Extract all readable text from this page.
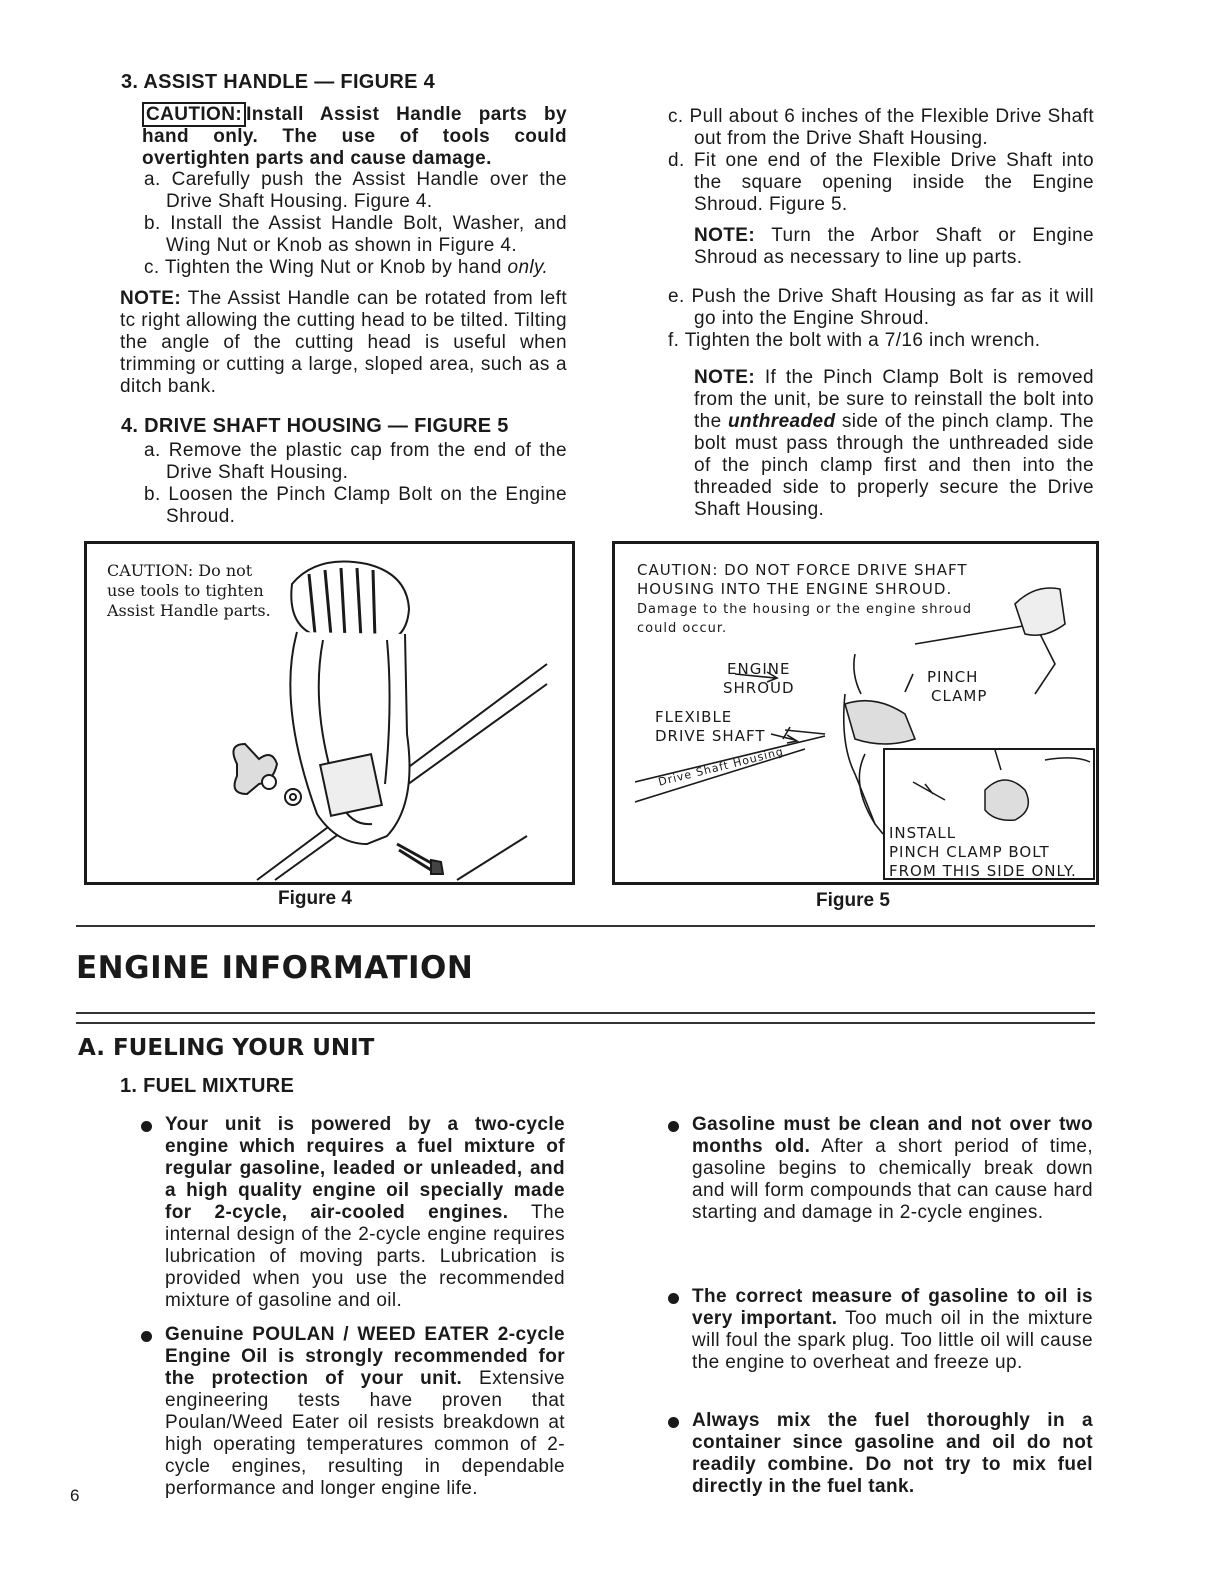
3. ASSIST HANDLE — FIGURE 4
CAUTION: Install Assist Handle parts by hand only. The use of tools could overtighten parts and cause damage.
a. Carefully push the Assist Handle over the Drive Shaft Housing. Figure 4.
b. Install the Assist Handle Bolt, Washer, and Wing Nut or Knob as shown in Figure 4.
c. Tighten the Wing Nut or Knob by hand only.
NOTE: The Assist Handle can be rotated from left tc right allowing the cutting head to be tilted. Tilting the angle of the cutting head is useful when trimming or cutting a large, sloped area, such as a ditch bank.
4. DRIVE SHAFT HOUSING — FIGURE 5
a. Remove the plastic cap from the end of the Drive Shaft Housing.
b. Loosen the Pinch Clamp Bolt on the Engine Shroud.
c. Pull about 6 inches of the Flexible Drive Shaft out from the Drive Shaft Housing.
d. Fit one end of the Flexible Drive Shaft into the square opening inside the Engine Shroud. Figure 5.
NOTE: Turn the Arbor Shaft or Engine Shroud as necessary to line up parts.
e. Push the Drive Shaft Housing as far as it will go into the Engine Shroud.
f. Tighten the bolt with a 7/16 inch wrench.
NOTE: If the Pinch Clamp Bolt is removed from the unit, be sure to reinstall the bolt into the unthreaded side of the pinch clamp. The bolt must pass through the unthreaded side of the pinch clamp first and then into the threaded side to properly secure the Drive Shaft Housing.
CAUTION: Do not
use tools to tighten
Assist Handle parts.
Figure 4
CAUTION: DO NOT FORCE DRIVE SHAFT
HOUSING INTO THE ENGINE SHROUD.
Damage to the housing or the engine shroud
could occur.
ENGINE
SHROUD
PINCH
CLAMP
FLEXIBLE
DRIVE SHAFT
Drive Shaft Housing
INSTALL
PINCH CLAMP BOLT
FROM THIS SIDE ONLY.
Figure 5
ENGINE INFORMATION
A. FUELING YOUR UNIT
1. FUEL MIXTURE
Your unit is powered by a two-cycle engine which requires a fuel mixture of regular gasoline, leaded or unleaded, and a high quality engine oil specially made for 2-cycle, air-cooled engines. The internal design of the 2-cycle engine requires lubrication of moving parts. Lubrication is provided when you use the recommended mixture of gasoline and oil.
Genuine POULAN / WEED EATER 2-cycle Engine Oil is strongly recommended for the protection of your unit. Extensive engineering tests have proven that Poulan/Weed Eater oil resists breakdown at high operating temperatures common of 2-cycle engines, resulting in dependable performance and longer engine life.
Gasoline must be clean and not over two months old. After a short period of time, gasoline begins to chemically break down and will form compounds that can cause hard starting and damage in 2-cycle engines.
The correct measure of gasoline to oil is very important. Too much oil in the mixture will foul the spark plug. Too little oil will cause the engine to overheat and freeze up.
Always mix the fuel thoroughly in a container since gasoline and oil do not readily combine. Do not try to mix fuel directly in the fuel tank.
6
